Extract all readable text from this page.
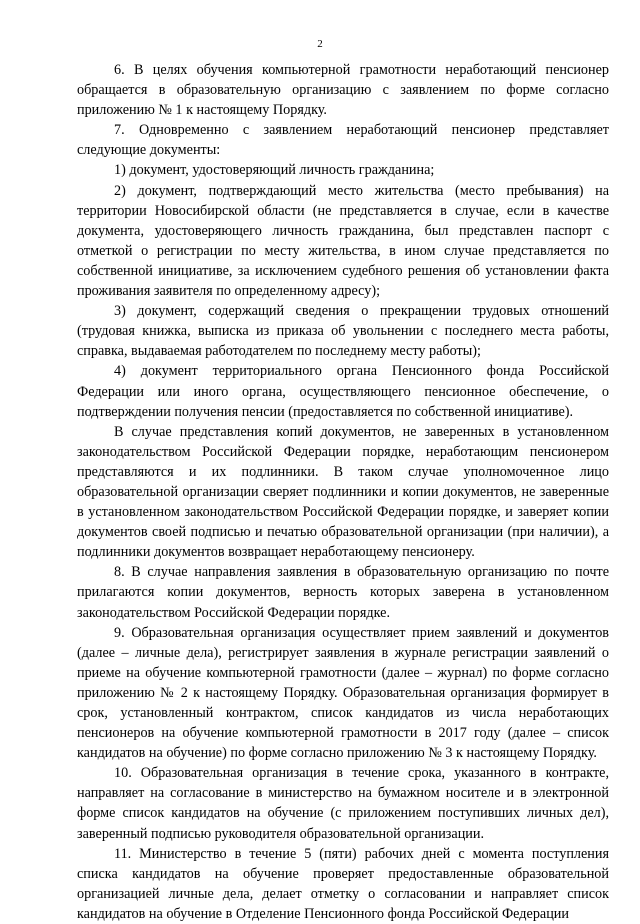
2

6. В целях обучения компьютерной грамотности неработающий пенсионер обращается в образовательную организацию с заявлением по форме согласно приложению № 1 к настоящему Порядку.

7. Одновременно с заявлением неработающий пенсионер представляет следующие документы:

1) документ, удостоверяющий личность гражданина;

2) документ, подтверждающий место жительства (место пребывания) на территории Новосибирской области (не представляется в случае, если в качестве документа, удостоверяющего личность гражданина, был представлен паспорт с отметкой о регистрации по месту жительства, в ином случае представляется по собственной инициативе, за исключением судебного решения об установлении факта проживания заявителя по определенному адресу);

3) документ, содержащий сведения о прекращении трудовых отношений (трудовая книжка, выписка из приказа об увольнении с последнего места работы, справка, выдаваемая работодателем по последнему месту работы);

4) документ территориального органа Пенсионного фонда Российской Федерации или иного органа, осуществляющего пенсионное обеспечение, о подтверждении получения пенсии (предоставляется по собственной инициативе).

В случае представления копий документов, не заверенных в установленном законодательством Российской Федерации порядке, неработающим пенсионером представляются и их подлинники. В таком случае уполномоченное лицо образовательной организации сверяет подлинники и копии документов, не заверенные в установленном законодательством Российской Федерации порядке, и заверяет копии документов своей подписью и печатью образовательной организации (при наличии), а подлинники документов возвращает неработающему пенсионеру.

8. В случае направления заявления в образовательную организацию по почте прилагаются копии документов, верность которых заверена в установленном законодательством Российской Федерации порядке.

9. Образовательная организация осуществляет прием заявлений и документов (далее – личные дела), регистрирует заявления в журнале регистрации заявлений о приеме на обучение компьютерной грамотности (далее – журнал) по форме согласно приложению № 2 к настоящему Порядку. Образовательная организация формирует в срок, установленный контрактом, список кандидатов из числа неработающих пенсионеров на обучение компьютерной грамотности в 2017 году (далее – список кандидатов на обучение) по форме согласно приложению № 3 к настоящему Порядку.

10. Образовательная организация в течение срока, указанного в контракте, направляет на согласование в министерство на бумажном носителе и в электронной форме список кандидатов на обучение (с приложением поступивших личных дел), заверенный подписью руководителя образовательной организации.

11. Министерство в течение 5 (пяти) рабочих дней с момента поступления списка кандидатов на обучение проверяет предоставленные образовательной организацией личные дела, делает отметку о согласовании и направляет список кандидатов на обучение в Отделение Пенсионного фонда Российской Федерации
